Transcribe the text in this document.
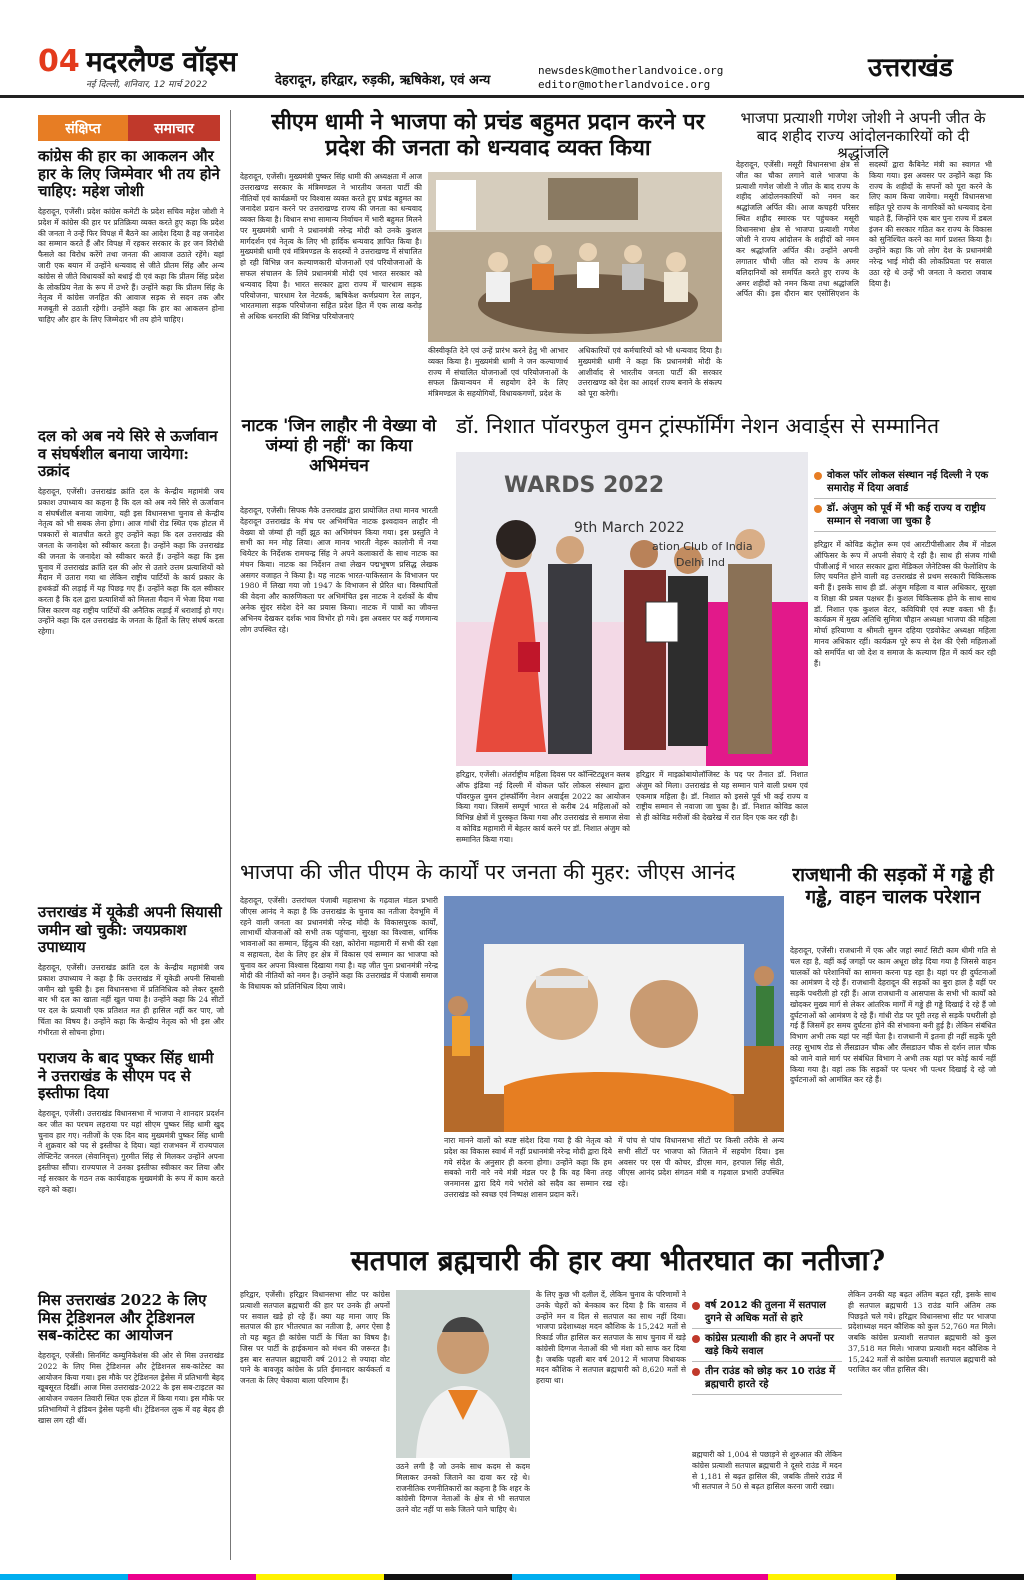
04 मदरलैण्ड वॉइस
नई दिल्ली, शनिवार, 12 मार्च 2022	देहरादून, हरिद्वार, रुड़की, ऋषिकेश, एवं अन्य
newsdesk@motherlandvoice.org
editor@motherlandvoice.org
उत्तराखंड
संक्षिप्त	समाचार
कांग्रेस की हार का आकलन और हार के लिए जिम्मेवार भी तय होने चाहिए: महेश जोशी
देहरादून, एजेंसी। प्रदेश कांग्रेस कमेटी के प्रदेश सचिव महेश जोशी ने प्रदेश में कांग्रेस की हार पर प्रतिक्रिया व्यक्त करते हुए कहा कि प्रदेश की जनता ने उन्हें फिर विपक्ष में बैठने का आदेश दिया है वह जनादेश का सम्मान करते हैं और विपक्ष में रहकर सरकार के हर जन विरोधी फैसले का विरोध करेंगे तथा जनता की आवाज उठाते रहेंगे। यहां जारी एक बयान में उन्होंने धन्यवाद से जीते प्रीतम सिंह और अन्य कांग्रेस से जीते विधायकों को बधाई दी एवं कहा कि प्रीतम सिंह प्रदेश के लोकप्रिय नेता के रूप में उभरे हैं। उन्होंने कहा कि प्रीतम सिंह के नेतृत्व में कांग्रेस जनहित की आवाज सड़क से सदन तक और मजबूती से उठाती रहेगी। उन्होंने कहा कि हार का आकलन होना चाहिए और हार के लिए जिम्मेदार भी तय होने चाहिए।
दल को अब नये सिरे से ऊर्जावान व संघर्षशील बनाया जायेगा: उक्रांद
देहरादून, एजेंसी। उत्तराखंड क्रांति दल के केन्द्रीय महामंत्री जय प्रकाश उपाध्याय का कहना है कि दल को अब नये सिरे से ऊर्जावान व संघर्षशील बनाया जायेगा, यही इस विधानसभा चुनाव से केन्द्रीय नेतृत्व को भी सबक लेना होगा। आज गांधी रोड स्थित एक होटल में पत्रकारों से बातचीत करते हुए उन्होंने कहा कि दल उत्तराखंड की जनता के जनादेश को स्वीकार करता है। उन्होंने कहा कि उत्तराखंड की जनता के जनादेश को स्वीकार करते हैं। उन्होंने कहा कि इस चुनाव में उत्तराखंड क्रांति दल की ओर से उतारे उत्तम प्रत्याशियों को मैदान में उतारा गया था लेकिन राष्ट्रीय पार्टियों के कार्य प्रकार के हथकंडों की लड़ाई में यह पिछड़ गए हैं। उन्होंने कहा कि दल स्वीकार करता है कि दल द्वारा प्रत्याशियों को मिलता मैदान में भेजा दिया गया जिस कारण वह राष्ट्रीय पार्टियों की अनैतिक लड़ाई में धराशाई हो गए। उन्होंने कहा कि दल उत्तराखंड के जनता के हितों के लिए संघर्ष करता रहेगा।
उत्तराखंड में यूकेडी अपनी सियासी जमीन खो चुकी: जयप्रकाश उपाध्याय
देहरादून, एजेंसी। उत्तराखंड क्रांति दल के केन्द्रीय महामंत्री जय प्रकाश उपाध्याय ने कहा है कि उत्तराखंड में यूकेडी अपनी सियासी जमीन खो चुकी है। इस विधानसभा में प्रतिनिधित्व को लेकर दूसरी बार भी दल का खाता नहीं खुल पाया है। उन्होंने कहा कि 24 सीटों पर दल के प्रत्याशी एक प्रतिशत मत ही हासिल नहीं कर पाए, जो चिंता का विषय है। उन्होंने कहा कि केन्द्रीय नेतृत्व को भी इस और गंभीरता से सोचना होगा।
पराजय के बाद पुष्कर सिंह धामी ने उत्तराखंड के सीएम पद से इस्तीफा दिया
देहरादून, एजेंसी। उत्तराखंड विधानसभा में भाजपा ने शानदार प्रदर्शन कर जीत का परचम लहराया पर यहां सीएम पुष्कर सिंह धामी खुद चुनाव हार गए। नतीजों के एक दिन बाद मुख्यमंत्री पुष्कर सिंह धामी ने शुक्रवार को पद से इस्तीफा दे दिया। यहां राजभवन में राज्यपाल लेफ्टिनेंट जनरल (सेवानिवृत्त) गुरमीत सिंह से मिलकर उन्होंने अपना इस्तीफा सौंपा। राज्यपाल ने उनका इस्तीफा स्वीकार कर लिया और नई सरकार के गठन तक कार्यवाहक मुख्यमंत्री के रूप में काम करते रहने को कहा।
मिस उत्तराखंड 2022 के लिए मिस ट्रेडिशनल और ट्रेडिशनल सब-कांटेस्ट का आयोजन
देहरादून, एजेंसी। सिनमिंट कम्युनिकेशंस की ओर से मिस उत्तराखंड 2022 के लिए मिस ट्रेडिशनल और ट्रेडिशनल सब-कांटेस्ट का आयोजन किया गया। इस मौके पर ट्रेडिशनल ड्रेसेस में प्रतिभागी बेहद खूबसूरत दिखीं। आज मिस उत्तराखंड-2022 के इस सब-टाइटल का आयोजन ज्वलन तिवारी स्थित एक होटल में किया गया। इस मौके पर प्रतिभागियों ने इंडियन ड्रेसेस पहनी थी। ट्रेडिशनल लुक में वह बेहद ही खास लग रही थीं।
सीएम धामी ने भाजपा को प्रचंड बहुमत प्रदान करने पर प्रदेश की जनता को धन्यवाद व्यक्त किया
देहरादून, एजेंसी। मुख्यमंत्री पुष्कर सिंह धामी की अध्यक्षता में आज उत्तराखण्ड सरकार के मंत्रिमण्डल ने भारतीय जनता पार्टी की नीतियों एवं कार्यक्रमों पर विश्वास व्यक्त करते हुए प्रचंड बहुमत का जनादेश प्रदान करने पर उत्तराखण्ड राज्य की जनता का धन्यवाद व्यक्त किया है। विधान सभा सामान्य निर्वाचन में भारी बहुमत मिलने पर मुख्यमंत्री धामी ने प्रधानमंत्री नरेन्द्र मोदी को उनके कुशल मार्गदर्शन एवं नेतृत्व के लिए भी हार्दिक धन्यवाद ज्ञापित किया है। मुख्यमंत्री धामी एवं मंत्रिमण्डल के सदस्यों ने उत्तराखण्ड में संचालित हो रही विभिन्न जन कल्याणकारी योजनाओं एवं परियोजनाओं के सफल संचालन के लिये प्रधानमंत्री मोदी एवं भारत सरकार को धन्यवाद दिया है। भारत सरकार द्वारा राज्य में चारधाम सड़क परियोजना, चारधाम रेल नेटवर्क, ऋषिकेश कर्णप्रयाग रेल लाइन, भारतमाला सड़क परियोजना सहित प्रदेश हित में एक लाख करोड़ से अधिक धनराशि की विभिन्न परियोजनाएं
कीस्वीकृति देने एवं उन्हें प्रारंभ करने हेतु भी आभार व्यक्त किया है। मुख्यमंत्री धामी ने जन कल्याणार्थ राज्य में संचालित योजनाओं एवं परियोजनाओं के सफल क्रियान्वयन में सहयोग देने के लिए मंत्रिमण्डल के सहयोगियों, विधायकगणों, प्रदेश के
अधिकारियों एवं कर्मचारियों को भी धन्यवाद दिया है। मुख्यमंत्री धामी ने कहा कि प्रधानमंत्री मोदी के आशीर्वाद से भारतीय जनता पार्टी की सरकार उत्तराखण्ड को देश का आदर्श राज्य बनाने के संकल्प को पूरा करेगी।
भाजपा प्रत्याशी गणेश जोशी ने अपनी जीत के बाद शहीद राज्य आंदोलनकारियों को दी श्रद्धांजलि
देहरादून, एजेंसी। मसूरी विधानसभा क्षेत्र से जीत का चौका लगाने वाले भाजपा के प्रत्याशी गणेश जोशी ने जीत के बाद राज्य के शहीद आंदोलनकारियों को नमन कर श्रद्धांजलि अर्पित की। आज कचहरी परिसर स्थित शहीद स्मारक पर पहुंचकर मसूरी विधानसभा क्षेत्र से भाजपा प्रत्याशी गणेश जोशी ने राज्य आंदोलन के शहीदों को नमन कर श्रद्धांजलि अर्पित की। उन्होंने अपनी लगातार चौथी जीत को राज्य के अमर बलिदानियों को समर्पित करते हुए राज्य के अमर शहीदों को नमन किया तथा श्रद्धांजलि अर्पित की। इस दौरान बार एसोसिएशन के सदस्यों द्वारा कैबिनेट मंत्री का स्वागत भी किया गया। इस अवसर पर उन्होंने कहा कि राज्य के शहीदों के सपनों को पूरा करने के लिए काम किया जायेगा। मसूरी विधानसभा सहित पूरे राज्य के नागरिकों को धन्यवाद देना चाहते हैं, जिन्होंने एक बार पुनः राज्य में डबल इंजन की सरकार गठित कर राज्य के विकास को सुनिश्चित करने का मार्ग प्रशस्त किया है। उन्होंने कहा कि जो लोग देश के प्रधानमंत्री नरेन्द्र भाई मोदी की लोकप्रियता पर सवाल उठा रहे थे उन्हें भी जनता ने करारा जवाब दिया है।
नाटक 'जिन लाहौर नी वेख्या वो जंम्यां ही नहीं' का किया अभिमंचन
देहरादून, एजेंसी। सिपक मैके उत्तराखंड द्वारा प्रायोजित तथा मानव भारती देहरादून उत्तराखंड के मंच पर अभिमंचित नाटक इश्वदावन लाहौर नी वेख्या वो जंम्यां ही नहीं झूठ का अभिमंचन किया गया। इस प्रस्तुति ने सभी का मन मोह लिया। आज मानव भारती नेहरू कालोनी में नया थियेटर के निर्देशक रामचन्द्र सिंह ने अपने कलाकारों के साथ नाटक का मंचन किया। नाटक का निर्देशन तथा लेखन पद्मभूषण प्रसिद्ध लेखक असगर वजाहत ने किया है। यह नाटक भारत-पाकिस्तान के विभाजन पर 1980 में लिखा गया जो 1947 के विभाजन से प्रेरित था। विस्थापितों की वेदना और कारुणिकता पर अभिमंचित इस नाटक ने दर्शकों के बीच अनेक सुंदर संदेश देने का प्रयास किया। नाटक में पात्रों का जीवन्त अभिनय देखकर दर्शक भाव विभोर हो गये। इस अवसर पर कई गणमान्य लोग उपस्थित रहे।
डॉ. निशात पॉवरफुल वुमन ट्रांस्फॉर्मिंग नेशन अवार्ड्स से सम्मानित
WARDS 2022
9th March 2022
ation Club of India
Delhi Ind
वोकल फॉर लोकल संस्थान नई दिल्ली ने एक समारोह में दिया अवार्ड
डॉ. अंजुम को पूर्व में भी कई राज्य व राष्ट्रीय सम्मान से नवाजा जा चुका है
हरिद्वार में कोविड कंट्रोल रूम एवं आरटीपीसीआर लैब में नोडल ऑफिसर के रूप में अपनी सेवाएं दे रही है। साथ ही संजय गांधी पीजीआई में भारत सरकार द्वारा मेडिकल जेनेटिक्स की फेलोशिप के लिए चयनित होने वाली वह उत्तराखंड से प्रथम सरकारी चिकित्सक बनी हैं। इसके साथ ही डॉ. अंजुम महिला व बाल अधिकार, सुरक्षा व शिक्षा की प्रबल पक्षधर हैं। कुशल चिकित्सक होने के साथ साथ डॉ. निशात एक कुशल वेटर, कवियित्री एवं स्पष्ट वक्ता भी हैं। कार्यक्रम में मुख्य अतिथि सुमित्रा चौहान अध्यक्षा भाजपा की महिला मोर्चा हरियाणा व श्रीमती सुमन दहिया एडवोकेट अध्यक्षा महिला मानव अधिकार रहीं। कार्यक्रम पूरे रूप से देश की ऐसी महिलाओं को समर्पित था जो देश व समाज के कल्याण हित में कार्य कर रही हैं।
हरिद्वार, एजेंसी। अंतर्राष्ट्रीय महिला दिवस पर कॉन्स्टिट्यूशन क्लब ऑफ इंडिया नई दिल्ली में वोकल फॉर लोकल संस्थान द्वारा पॉवरफुल वुमन ट्रांस्फॉर्मिंग नेशन अवार्ड्स 2022 का आयोजन किया गया। जिसमें सम्पूर्ण भारत से करीब 24 महिलाओं को विभिन्न क्षेत्रों में पुरस्कृत किया गया और उत्तराखंड से समाज सेवा व कोविड महामारी में बेहतर कार्य करने पर डॉ. निशात अंजुम को सम्मानित किया गया।
हरिद्वार में माइक्रोबायोलॉजिस्ट के पद पर तैनात डॉ. निशात अंजुम को मिला। उत्तराखंड से यह सम्मान पाने वाली प्रथम एवं एकमात्र महिला है। डॉ. निशात को इससे पूर्व भी कई राज्य व राष्ट्रीय सम्मान से नवाजा जा चुका है। डॉ. निशात कोविड काल से ही कोविड मरीजों की देखरेख में रात दिन एक कर रही है।
भाजपा की जीत पीएम के कार्यों पर जनता की मुहर: जीएस आनंद
देहरादून, एजेंसी। उत्तरांचल पंजाबी महासभा के गढ़वाल मंडल प्रभारी जीएस आनंद ने कहा है कि उत्तराखंड के चुनाव का नतीजा देवभूमि में रहने वाली जनता का प्रधानमंत्री नरेन्द्र मोदी के विकासपुरक कार्यों, लाभार्थी योजनाओं को सभी तक पहुंचाना, सुरक्षा का विश्वास, धार्मिक भावनाओं का सम्मान, हिंदुत्व की रक्षा, कोरोना महामारी में सभी की रक्षा व सहायता, देश के लिए हर क्षेत्र में विकास एवं सम्मान का भाजपा को चुनाव कर अपना विश्वास दिखाया गया है। यह जीत पुनः प्रधानमंत्री नरेन्द्र मोदी की नीतियों को नमन है। उन्होंने कहा कि उत्तराखंड में पंजाबी समाज के विधायक को प्रतिनिधित्व दिया जाये।
नारा मानने वालों को स्पष्ट संदेश दिया गया है की नेतृत्व को प्रदेश का विकास स्वार्थ में नहीं प्रधानमंत्री नरेन्द्र मोदी द्वारा दिये गये संदेश के अनुसार ही करना होगा। उन्होंने कहा कि हम सबको नारी नारे नये मंत्री मंडल पर है कि वह बिना तरह जनमानस द्वारा दिये गये भरोसे को सदैव का सम्मान रख उत्तराखंड को स्वच्छ एवं निष्पक्ष शासन प्रदान करें।
में पांच से पांच विधानसभा सीटों पर किसी तरीके से अन्य सभी सीटों पर भाजपा को जिताने में सहयोग दिया। इस अवसर पर एस पी कोचर, डीएस मान, हरपाल सिंह सेठी, जीएस आनंद प्रदेश संगठन मंत्री व गढ़वाल प्रभारी उपस्थित रहे।
राजधानी की सड़कों में गड्ढे ही गड्ढे, वाहन चालक परेशान
देहरादून, एजेंसी। राजधानी में एक और जहां स्मार्ट सिटी काम धीमी गति से चल रहा है, वहीं कई जगहों पर काम अधूरा छोड़ दिया गया है जिससे वाहन चालकों को परेशानियों का सामना करना पड़ रहा है। यहां पर ही दुर्घटनाओं का आमंत्रण दे रहे हैं। राजधानी देहरादून की सड़कों का बुरा हाल है वहीं पर सड़कें पथरीली हो रही हैं। आज राजधानी व आसपास के सभी भी कार्यों को खोदकर मुख्य मार्ग से लेकर आंतरिक मार्गों में गड्ढे ही गड्ढे दिखाई दे रहे हैं जो दुर्घटनाओं को आमंत्रण दे रहे हैं। गांधी रोड पर पूरी तरह से सड़कें पथरीली हो गई हैं जिसमें हर समय दुर्घटना होने की संभावना बनी हुई है। लेकिन संबंधित विभाग अभी तक यहां पर नहीं चेता है। राजधानी में इतना ही नहीं सड़कें पूरी तरह सुभाष रोड से लैंसडाउन चौक और लैंसडाउन चौक से दर्शन लाल चौक को जाने वाले मार्ग पर संबंधित विभाग ने अभी तक यहां पर कोई कार्य नहीं किया गया है। वहां तक कि सड़कों पर पत्थर भी पत्थर दिखाई दे रहे जो दुर्घटनाओं को आमंत्रित कर रहे हैं।
सतपाल ब्रह्मचारी की हार क्या भीतरघात का नतीजा?
हरिद्वार, एजेंसी। हरिद्वार विधानसभा सीट पर कांग्रेस प्रत्याशी सतपाल ब्रह्मचारी की हार पर उनके ही अपनों पर सवाल खड़े हो रहे हैं। क्या यह माना जाए कि सतपाल की हार भीतरघात का नतीजा है, अगर ऐसा है तो यह बहुत ही कांग्रेस पार्टी के चिंता का विषय है। जिस पर पार्टी के हाईकमान को मंथन की जरूरत है। इस बार सतपाल ब्रह्मचारी वर्ष 2012 से ज्यादा वोट पाने के बावजूद कांग्रेस के प्रति ईमानदार कार्यकर्ता व जनता के लिए चेकावा बाला परिणाम हैं।
उठने लगी है जो उनके साथ कदम से कदम मिलाकर उनको जिताने का दावा कर रहे थे। राजनीतिक रणनीतिकारों का कहना है कि शहर के कांग्रेसी दिग्गज नेताओं के क्षेत्र से भी सतपाल उतने वोट नहीं पा सके जितने पाने चाहिए थे।
के लिए कुछ भी दलील दें, लेकिन चुनाव के परिणामों ने उनके चेहरों को बेनकाब कर दिया है कि वास्तव में उन्होंने मन व दिल से सतपाल का साथ नहीं दिया। भाजपा प्रदेशाध्यक्ष मदन कौशिक के 15,242 मतों से रिकार्ड जीत हासिल कर सतपाल के साथ चुनाव में खड़े कांग्रेसी दिग्गज नेताओं की भी मंशा को साफ कर दिया है। जबकि पहली बार वर्ष 2012 में भाजपा विधायक मदन कौशिक ने सतपाल ब्रह्मचारी को 8,620 मतों से हराया था।
वर्ष 2012 की तुलना में सतपाल दुगने से अधिक मतों से हारे
कांग्रेस प्रत्याशी की हार ने अपनों पर खड़े किये सवाल
तीन राउंड को छोड़ कर 10 राउंड में ब्रह्मचारी हारते रहे
ब्रह्मचारी को 1,004 से पछाड़ने से शुरुआत की लेकिन कांग्रेस प्रत्याशी सतपाल ब्रह्मचारी ने दूसरे राउंड में मदन से 1,181 से बढ़त हासिल की, जबकि तीसरे राउंड में भी सतपाल ने 50 से बढ़त हासिल करना जारी रखा।
लेकिन उनकी यह बढ़त अंतिम बढ़त रही, इसके साथ ही सतपाल ब्रह्मचारी 13 राउंड यानि अंतिम तक पिछड़ते चले गये। हरिद्वार विधानसभा सीट पर भाजपा प्रदेशाध्यक्ष मदन कौशिक को कुल 52,760 मत मिले। जबकि कांग्रेस प्रत्याशी सतपाल ब्रह्मचारी को कुल 37,518 मत मिले। भाजपा प्रत्याशी मदन कौशिक ने 15,242 मतों से कांग्रेस प्रत्याशी सतपाल ब्रह्मचारी को पराजित कर जीत हासिल की।
